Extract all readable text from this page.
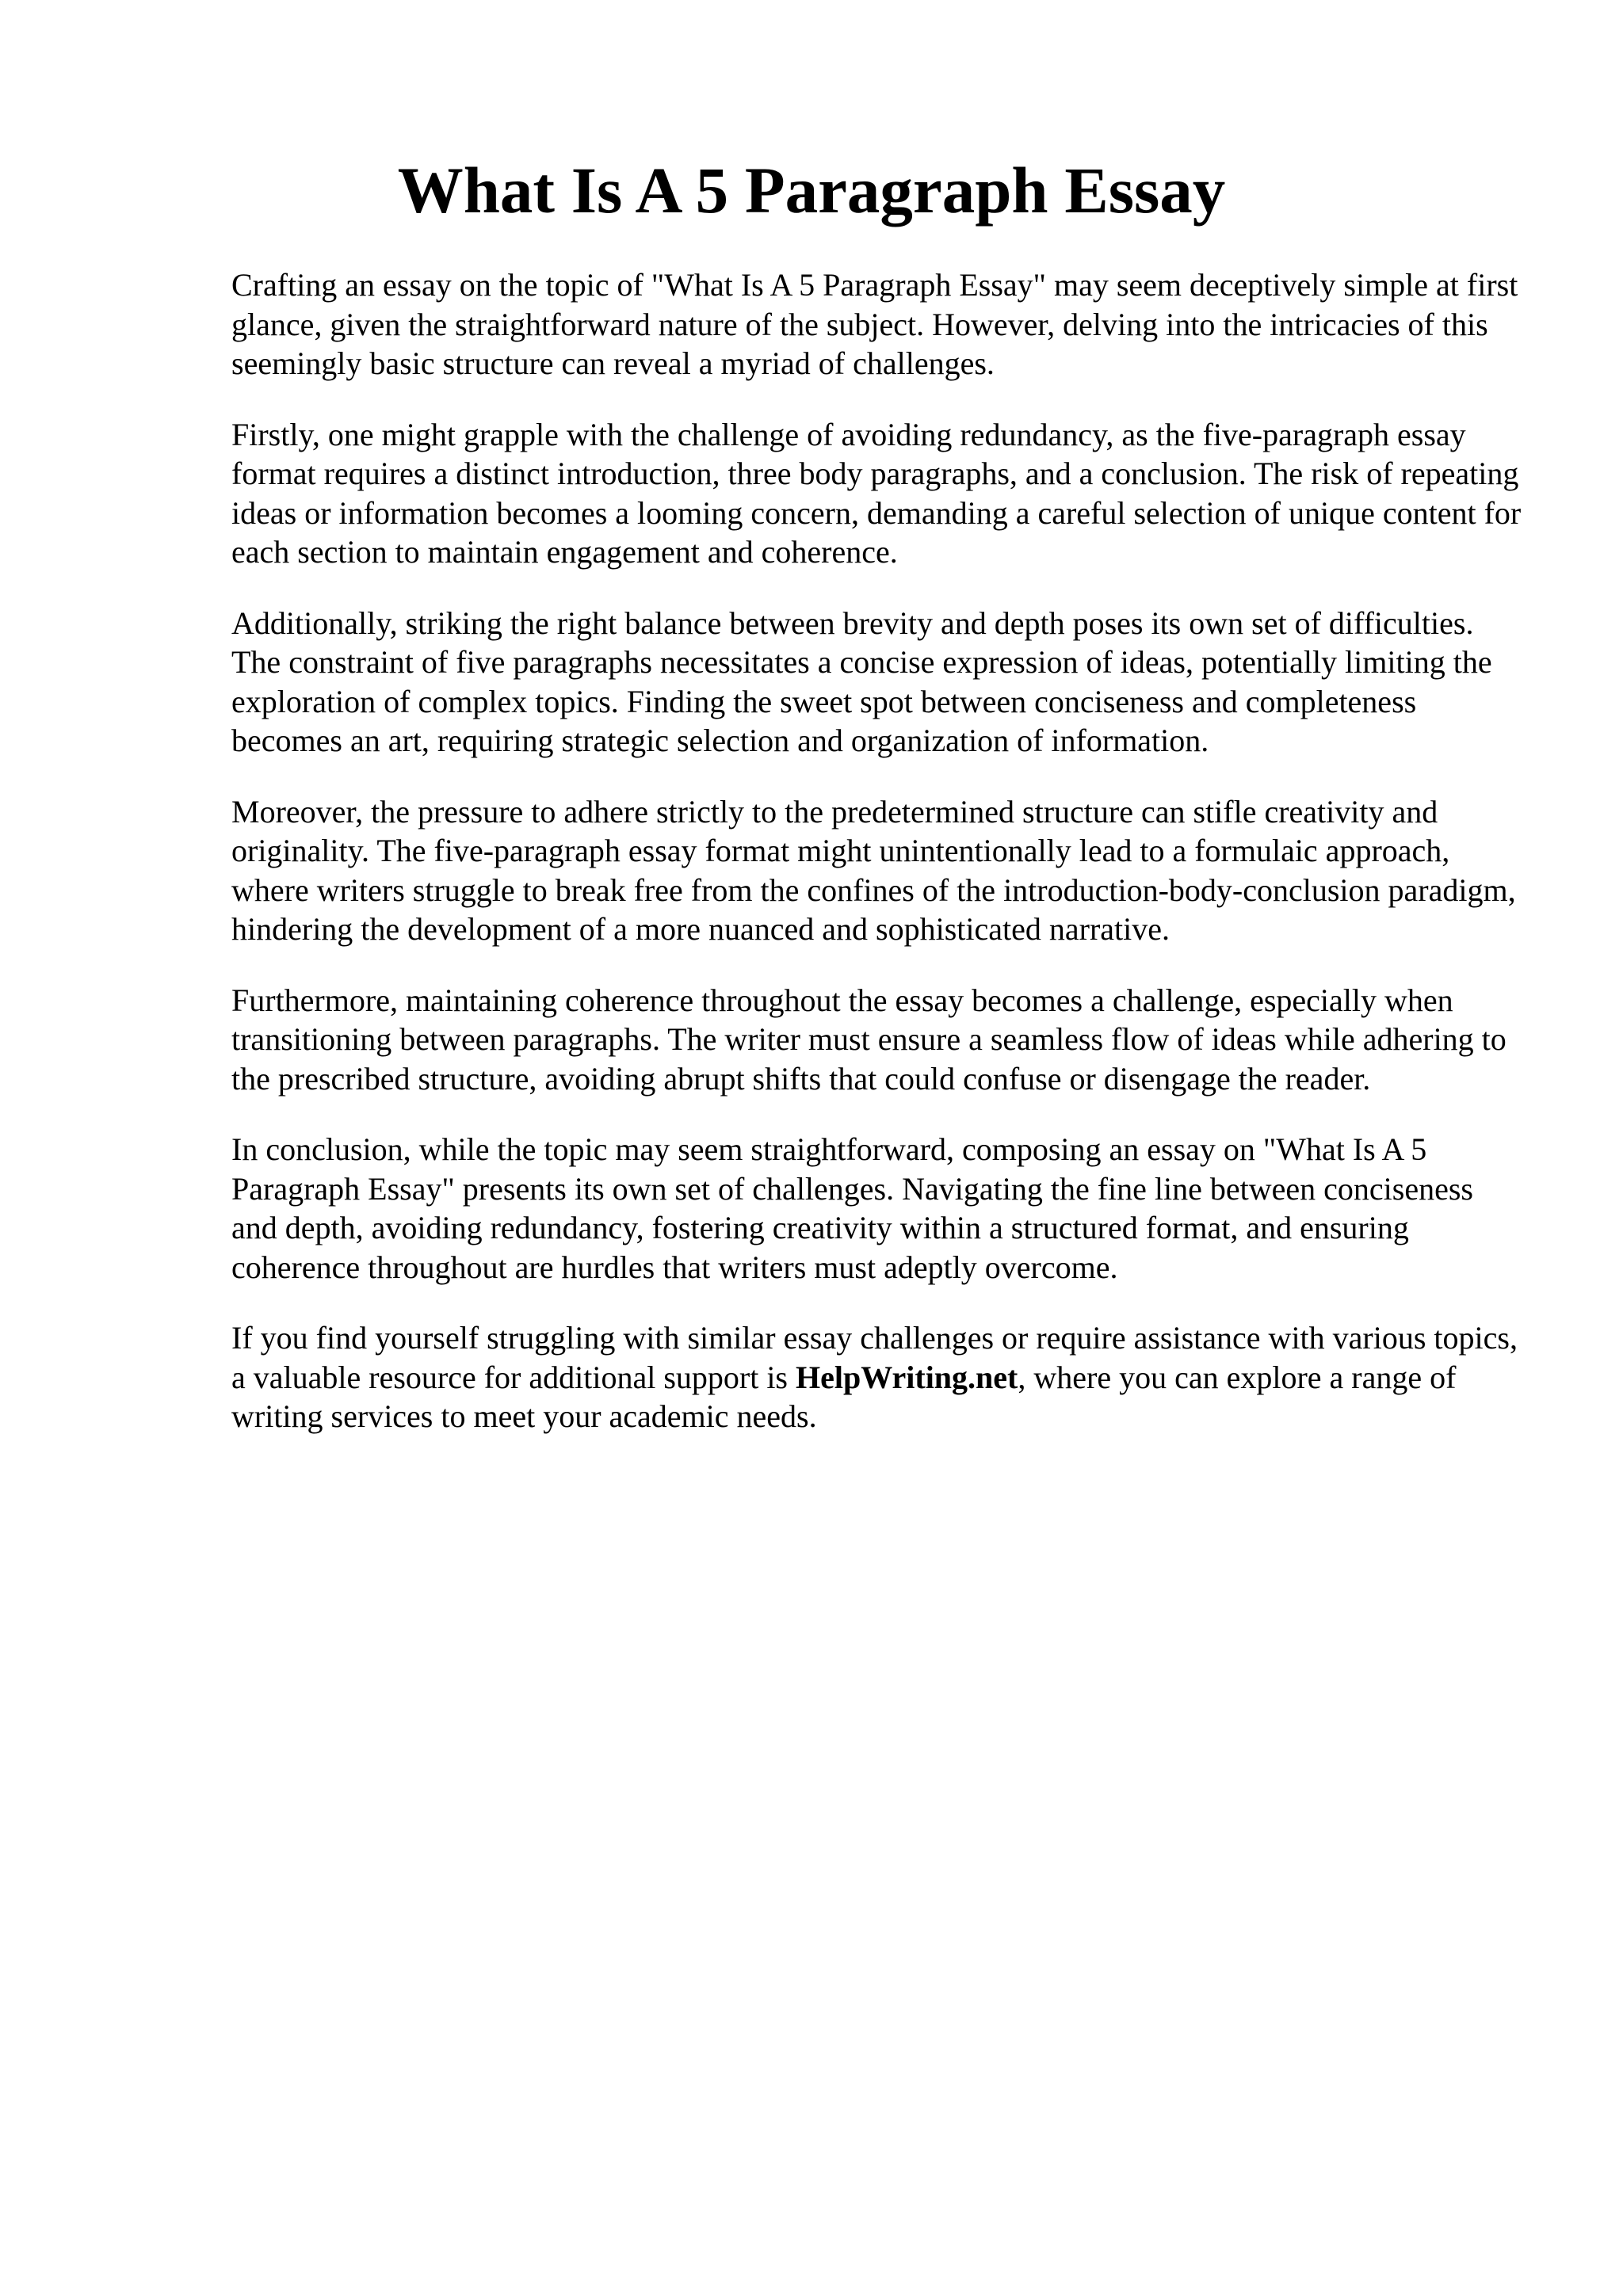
What Is A 5 Paragraph Essay

Crafting an essay on the topic of "What Is A 5 Paragraph Essay" may seem deceptively simple at first glance, given the straightforward nature of the subject. However, delving into the intricacies of this seemingly basic structure can reveal a myriad of challenges.

Firstly, one might grapple with the challenge of avoiding redundancy, as the five-paragraph essay format requires a distinct introduction, three body paragraphs, and a conclusion. The risk of repeating ideas or information becomes a looming concern, demanding a careful selection of unique content for each section to maintain engagement and coherence.

Additionally, striking the right balance between brevity and depth poses its own set of difficulties. The constraint of five paragraphs necessitates a concise expression of ideas, potentially limiting the exploration of complex topics. Finding the sweet spot between conciseness and completeness becomes an art, requiring strategic selection and organization of information.

Moreover, the pressure to adhere strictly to the predetermined structure can stifle creativity and originality. The five-paragraph essay format might unintentionally lead to a formulaic approach, where writers struggle to break free from the confines of the introduction-body-conclusion paradigm, hindering the development of a more nuanced and sophisticated narrative.

Furthermore, maintaining coherence throughout the essay becomes a challenge, especially when transitioning between paragraphs. The writer must ensure a seamless flow of ideas while adhering to the prescribed structure, avoiding abrupt shifts that could confuse or disengage the reader.

In conclusion, while the topic may seem straightforward, composing an essay on "What Is A 5 Paragraph Essay" presents its own set of challenges. Navigating the fine line between conciseness and depth, avoiding redundancy, fostering creativity within a structured format, and ensuring coherence throughout are hurdles that writers must adeptly overcome.

If you find yourself struggling with similar essay challenges or require assistance with various topics, a valuable resource for additional support is HelpWriting.net, where you can explore a range of writing services to meet your academic needs.
